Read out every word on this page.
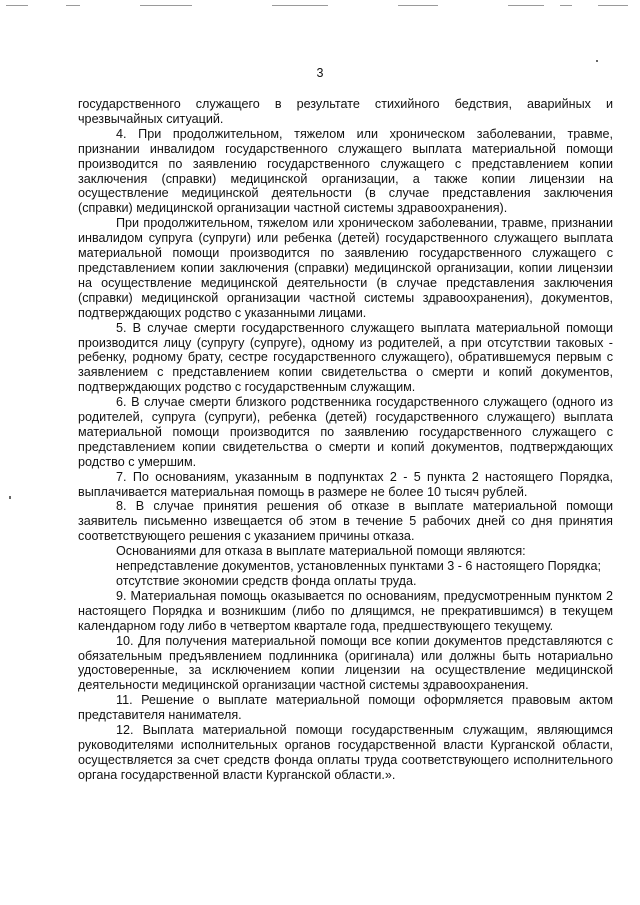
3

государственного служащего в результате стихийного бедствия, аварийных и чрезвычайных ситуаций.

4. При продолжительном, тяжелом или хроническом заболевании, травме, признании инвалидом государственного служащего выплата материальной помощи производится по заявлению государственного служащего с представлением копии заключения (справки) медицинской организации, а также копии лицензии на осуществление медицинской деятельности (в случае представления заключения (справки) медицинской организации частной системы здравоохранения).

При продолжительном, тяжелом или хроническом заболевании, травме, признании инвалидом супруга (супруги) или ребенка (детей) государственного служащего выплата материальной помощи производится по заявлению государственного служащего с представлением копии заключения (справки) медицинской организации, копии лицензии на осуществление медицинской деятельности (в случае представления заключения (справки) медицинской организации частной системы здравоохранения), документов, подтверждающих родство с указанными лицами.

5. В случае смерти государственного служащего выплата материальной помощи производится лицу (супругу (супруге), одному из родителей, а при отсутствии таковых - ребенку, родному брату, сестре государственного служащего), обратившемуся первым с заявлением с представлением копии свидетельства о смерти и копий документов, подтверждающих родство с государственным служащим.

6. В случае смерти близкого родственника государственного служащего (одного из родителей, супруга (супруги), ребенка (детей) государственного служащего) выплата материальной помощи производится по заявлению государственного служащего с представлением копии свидетельства о смерти и копий документов, подтверждающих родство с умершим.

7. По основаниям, указанным в подпунктах 2 - 5 пункта 2 настоящего Порядка, выплачивается материальная помощь в размере не более 10 тысяч рублей.

8. В случае принятия решения об отказе в выплате материальной помощи заявитель письменно извещается об этом в течение 5 рабочих дней со дня принятия соответствующего решения с указанием причины отказа.

Основаниями для отказа в выплате материальной помощи являются:

непредставление документов, установленных пунктами 3 - 6 настоящего Порядка;

отсутствие экономии средств фонда оплаты труда.

9. Материальная помощь оказывается по основаниям, предусмотренным пунктом 2 настоящего Порядка и возникшим (либо по длящимся, не прекратившимся) в текущем календарном году либо в четвертом квартале года, предшествующего текущему.

10. Для получения материальной помощи все копии документов представляются с обязательным предъявлением подлинника (оригинала) или должны быть нотариально удостоверенные, за исключением копии лицензии на осуществление медицинской деятельности медицинской организации частной системы здравоохранения.

11. Решение о выплате материальной помощи оформляется правовым актом представителя нанимателя.

12. Выплата материальной помощи государственным служащим, являющимся руководителями исполнительных органов государственной власти Курганской области, осуществляется за счет средств фонда оплаты труда соответствующего исполнительного органа государственной власти Курганской области.».
